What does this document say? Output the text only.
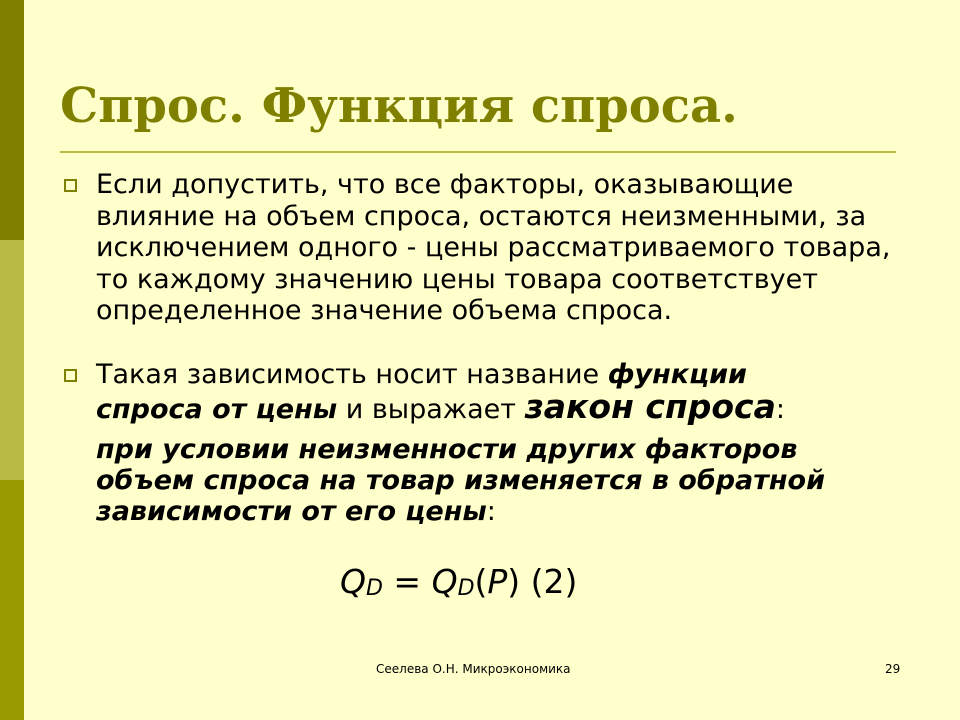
Спрос. Функция спроса.
Если допустить, что все факторы, оказывающие влияние на объем спроса, остаются неизменными, за исключением одного - цены рассматриваемого товара, то каждому значению цены товара соответствует определенное значение объема спроса.
Такая зависимость носит название функции
спроса от цены и выражает закон спроса:
при условии неизменности других факторов объем спроса на товар изменяется в обратной зависимости от его цены:
$Q_D = Q_D(P)$ (2)
Сеелева О.Н. Микроэкономика	29
